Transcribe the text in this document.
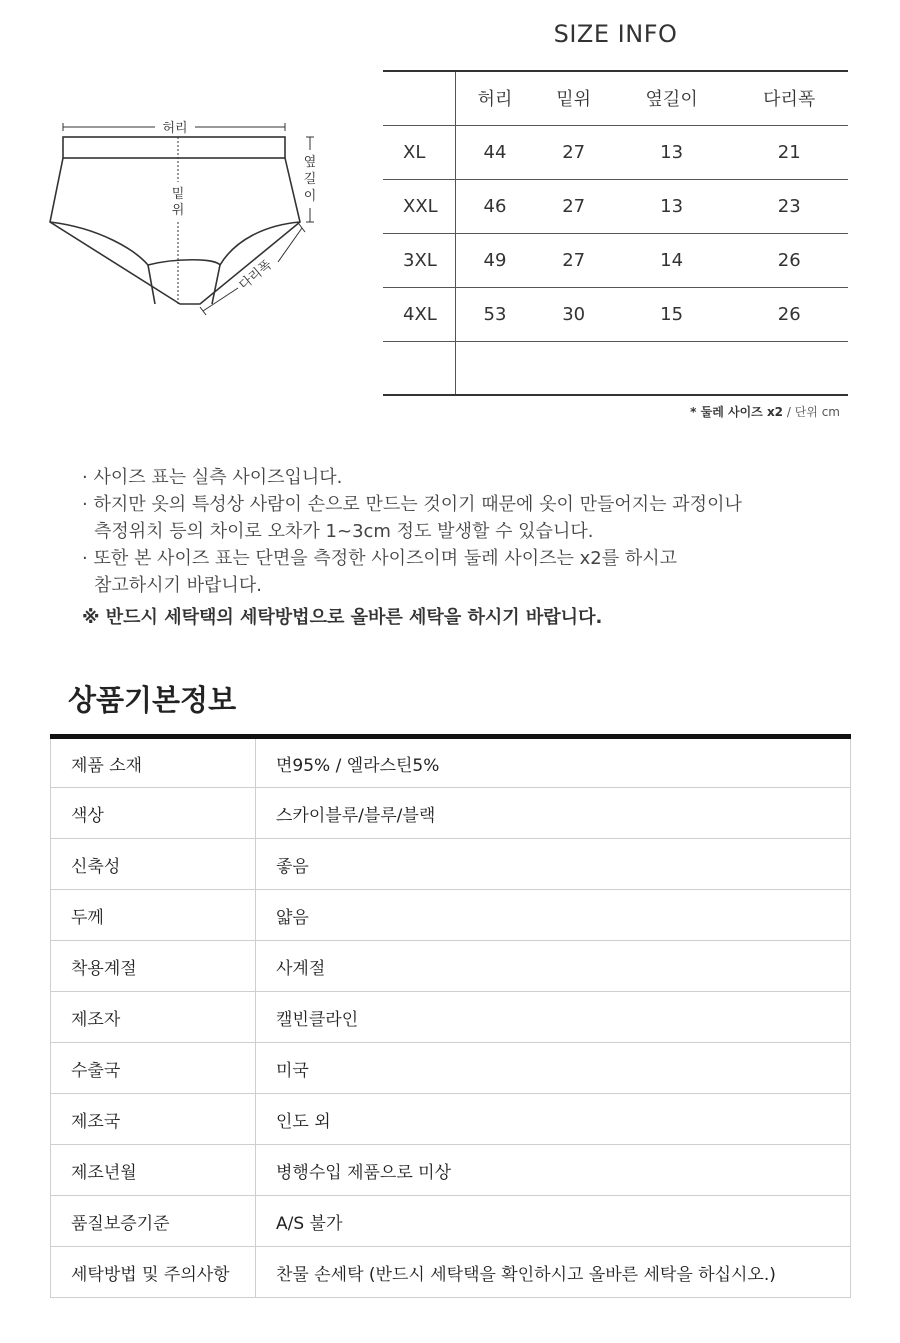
SIZE INFO
허리
밑
위
옆
길
이
다리폭
	허리	밑위	옆길이	다리폭
XL	44	27	13	21
XXL	46	27	13	23
3XL	49	27	14	26
4XL	53	30	15	26

* 둘레 사이즈 x2 / 단위 cm
· 사이즈 표는 실측 사이즈입니다.
· 하지만 옷의 특성상 사람이 손으로 만드는 것이기 때문에 옷이 만들어지는 과정이나
측정위치 등의 차이로 오차가 1~3cm 정도 발생할 수 있습니다.
· 또한 본 사이즈 표는 단면을 측정한 사이즈이며 둘레 사이즈는 x2를 하시고
참고하시기 바랍니다.
※ 반드시 세탁택의 세탁방법으로 올바른 세탁을 하시기 바랍니다.
상품기본정보
제품 소재	면95% / 엘라스틴5%
색상	스카이블루/블루/블랙
신축성	좋음
두께	얇음
착용계절	사계절
제조자	캘빈클라인
수출국	미국
제조국	인도 외
제조년월	병행수입 제품으로 미상
품질보증기준	A/S 불가
세탁방법 및 주의사항	찬물 손세탁 (반드시 세탁택을 확인하시고 올바른 세탁을 하십시오.)
